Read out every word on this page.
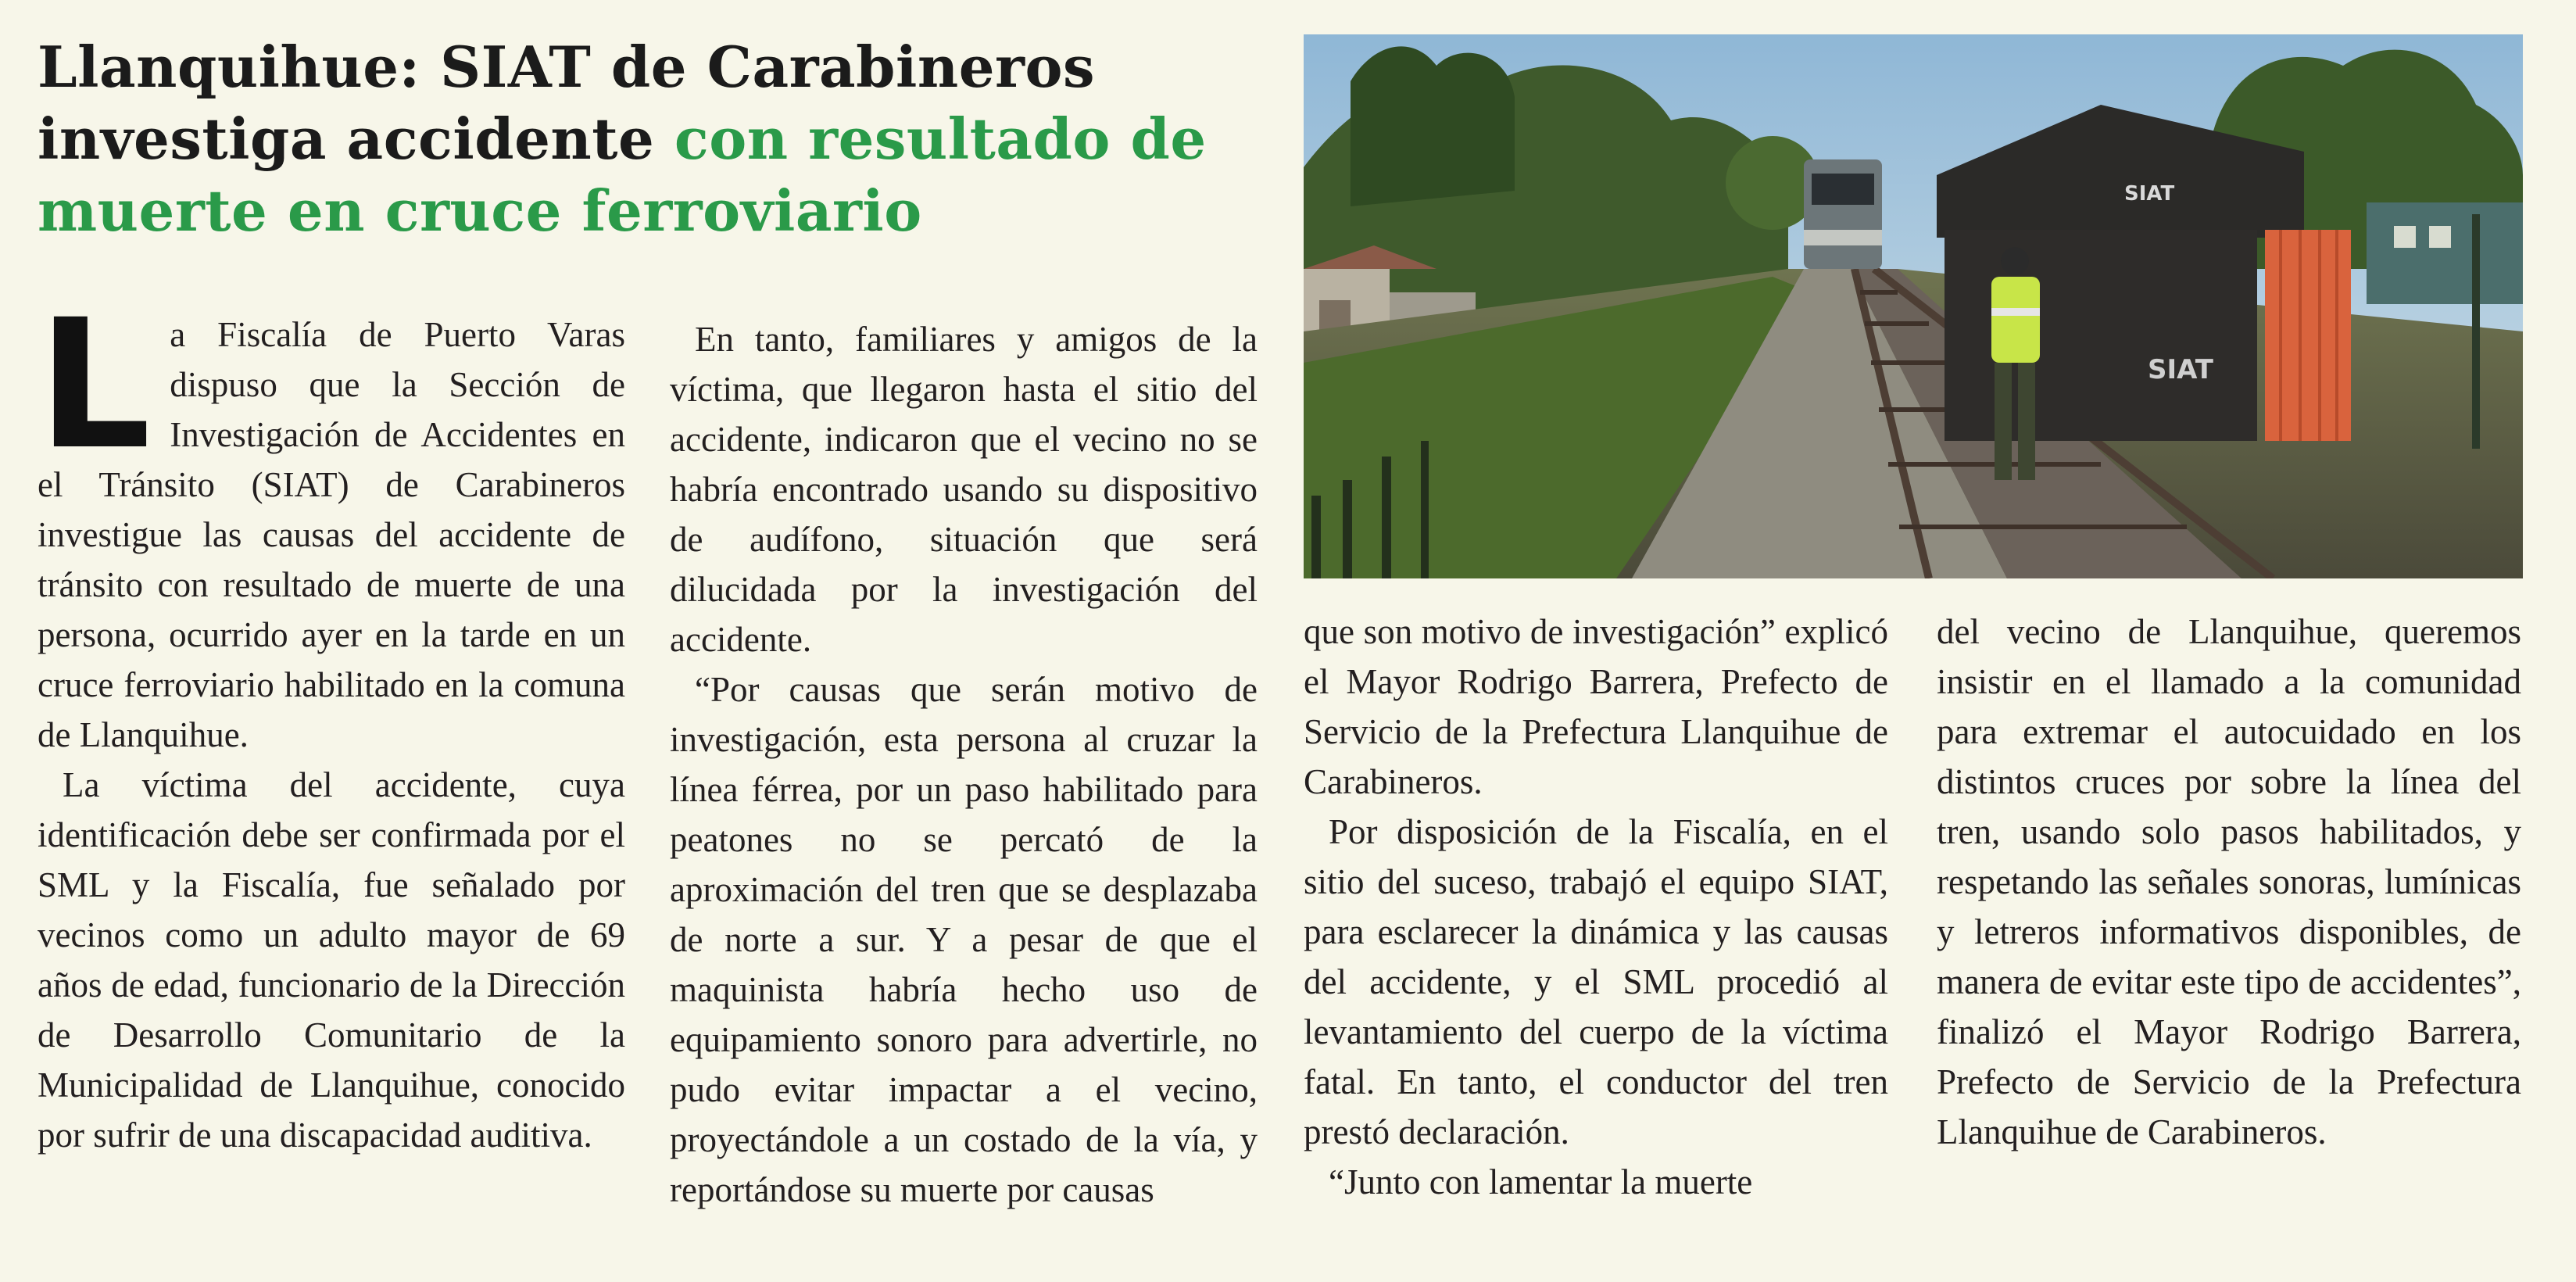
Llanquihue: SIAT de Carabineros investiga accidente con resultado de muerte en cruce ferroviario	SIAT
SIAT

La Fiscalía de Puerto Varas dispuso que la Sección de Investigación de Accidentes en el Tránsito (SIAT) de Carabineros investigue las causas del accidente de tránsito con resultado de muerte de una persona, ocurrido ayer en la tarde en un cruce ferroviario habilitado en la comuna de Llanquihue.

La víctima del accidente, cuya identificación debe ser confirmada por el SML y la Fiscalía, fue señalado por vecinos como un adulto mayor de 69 años de edad, funcionario de la Dirección de Desarrollo Comunitario de la Municipalidad de Llanquihue, conocido por sufrir de una discapacidad auditiva.

En tanto, familiares y amigos de la víctima, que llegaron hasta el sitio del accidente, indicaron que el vecino no se habría encontrado usando su dispositivo de audífono, situación que será dilucidada por la investigación del accidente.

“Por causas que serán motivo de investigación, esta persona al cruzar la línea férrea, por un paso habilitado para peatones no se percató de la aproximación del tren que se desplazaba de norte a sur. Y a pesar de que el maquinista habría hecho uso de equipamiento sonoro para advertirle, no pudo evitar impactar a el vecino, proyectándole a un costado de la vía, y reportándose su muerte por causas

que son motivo de investigación” explicó el Mayor Rodrigo Barrera, Prefecto de Servicio de la Prefectura Llanquihue de Carabineros.

Por disposición de la Fiscalía, en el sitio del suceso, trabajó el equipo SIAT, para esclarecer la dinámica y las causas del accidente, y el SML procedió al levantamiento del cuerpo de la víctima fatal. En tanto, el conductor del tren prestó declaración.

“Junto con lamentar la muerte

del vecino de Llanquihue, queremos insistir en el llamado a la comunidad para extremar el autocuidado en los distintos cruces por sobre la línea del tren, usando solo pasos habilitados, y respetando las señales sonoras, lumínicas y letreros informativos disponibles, de manera de evitar este tipo de accidentes”, finalizó el Mayor Rodrigo Barrera, Prefecto de Servicio de la Prefectura Llanquihue de Carabineros.
